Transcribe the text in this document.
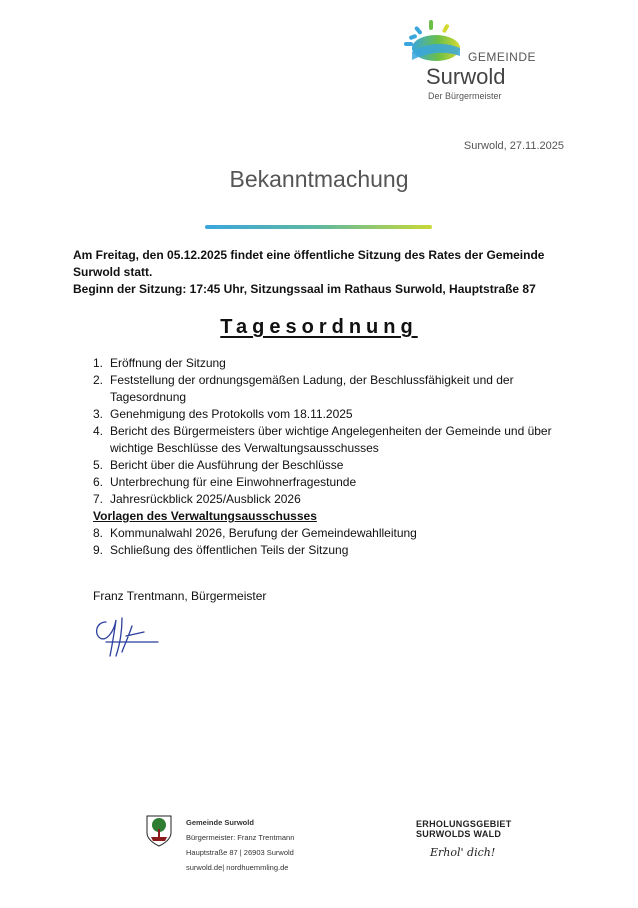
GEMEINDE
Surwold
Der Bürgermeister
Surwold, 27.11.2025
Bekanntmachung

Am Freitag, den 05.12.2025 findet eine öffentliche Sitzung des Rates der Gemeinde Surwold statt.

Beginn der Sitzung: 17:45 Uhr, Sitzungssaal im Rathaus Surwold, Hauptstraße 87

Tagesordnung
1. Eröffnung der Sitzung
2. Feststellung der ordnungsgemäßen Ladung, der Beschlussfähigkeit und der Tagesordnung
3. Genehmigung des Protokolls vom 18.11.2025
4. Bericht des Bürgermeisters über wichtige Angelegenheiten der Gemeinde und über wichtige Beschlüsse des Verwaltungsausschusses
5. Bericht über die Ausführung der Beschlüsse
6. Unterbrechung für eine Einwohnerfragestunde
7. Jahresrückblick 2025/Ausblick 2026
Vorlagen des Verwaltungsausschusses
8. Kommunalwahl 2026, Berufung der Gemeindewahlleitung
9. Schließung des öffentlichen Teils der Sitzung
Franz Trentmann, Bürgermeister
Gemeinde Surwold
Bürgermeister: Franz Trentmann
Hauptstraße 87 | 26903 Surwold
surwold.de| nordhuemmling.de
ERHOLUNGSGEBIET
SURWOLDS WALD
Erhol' dich!
